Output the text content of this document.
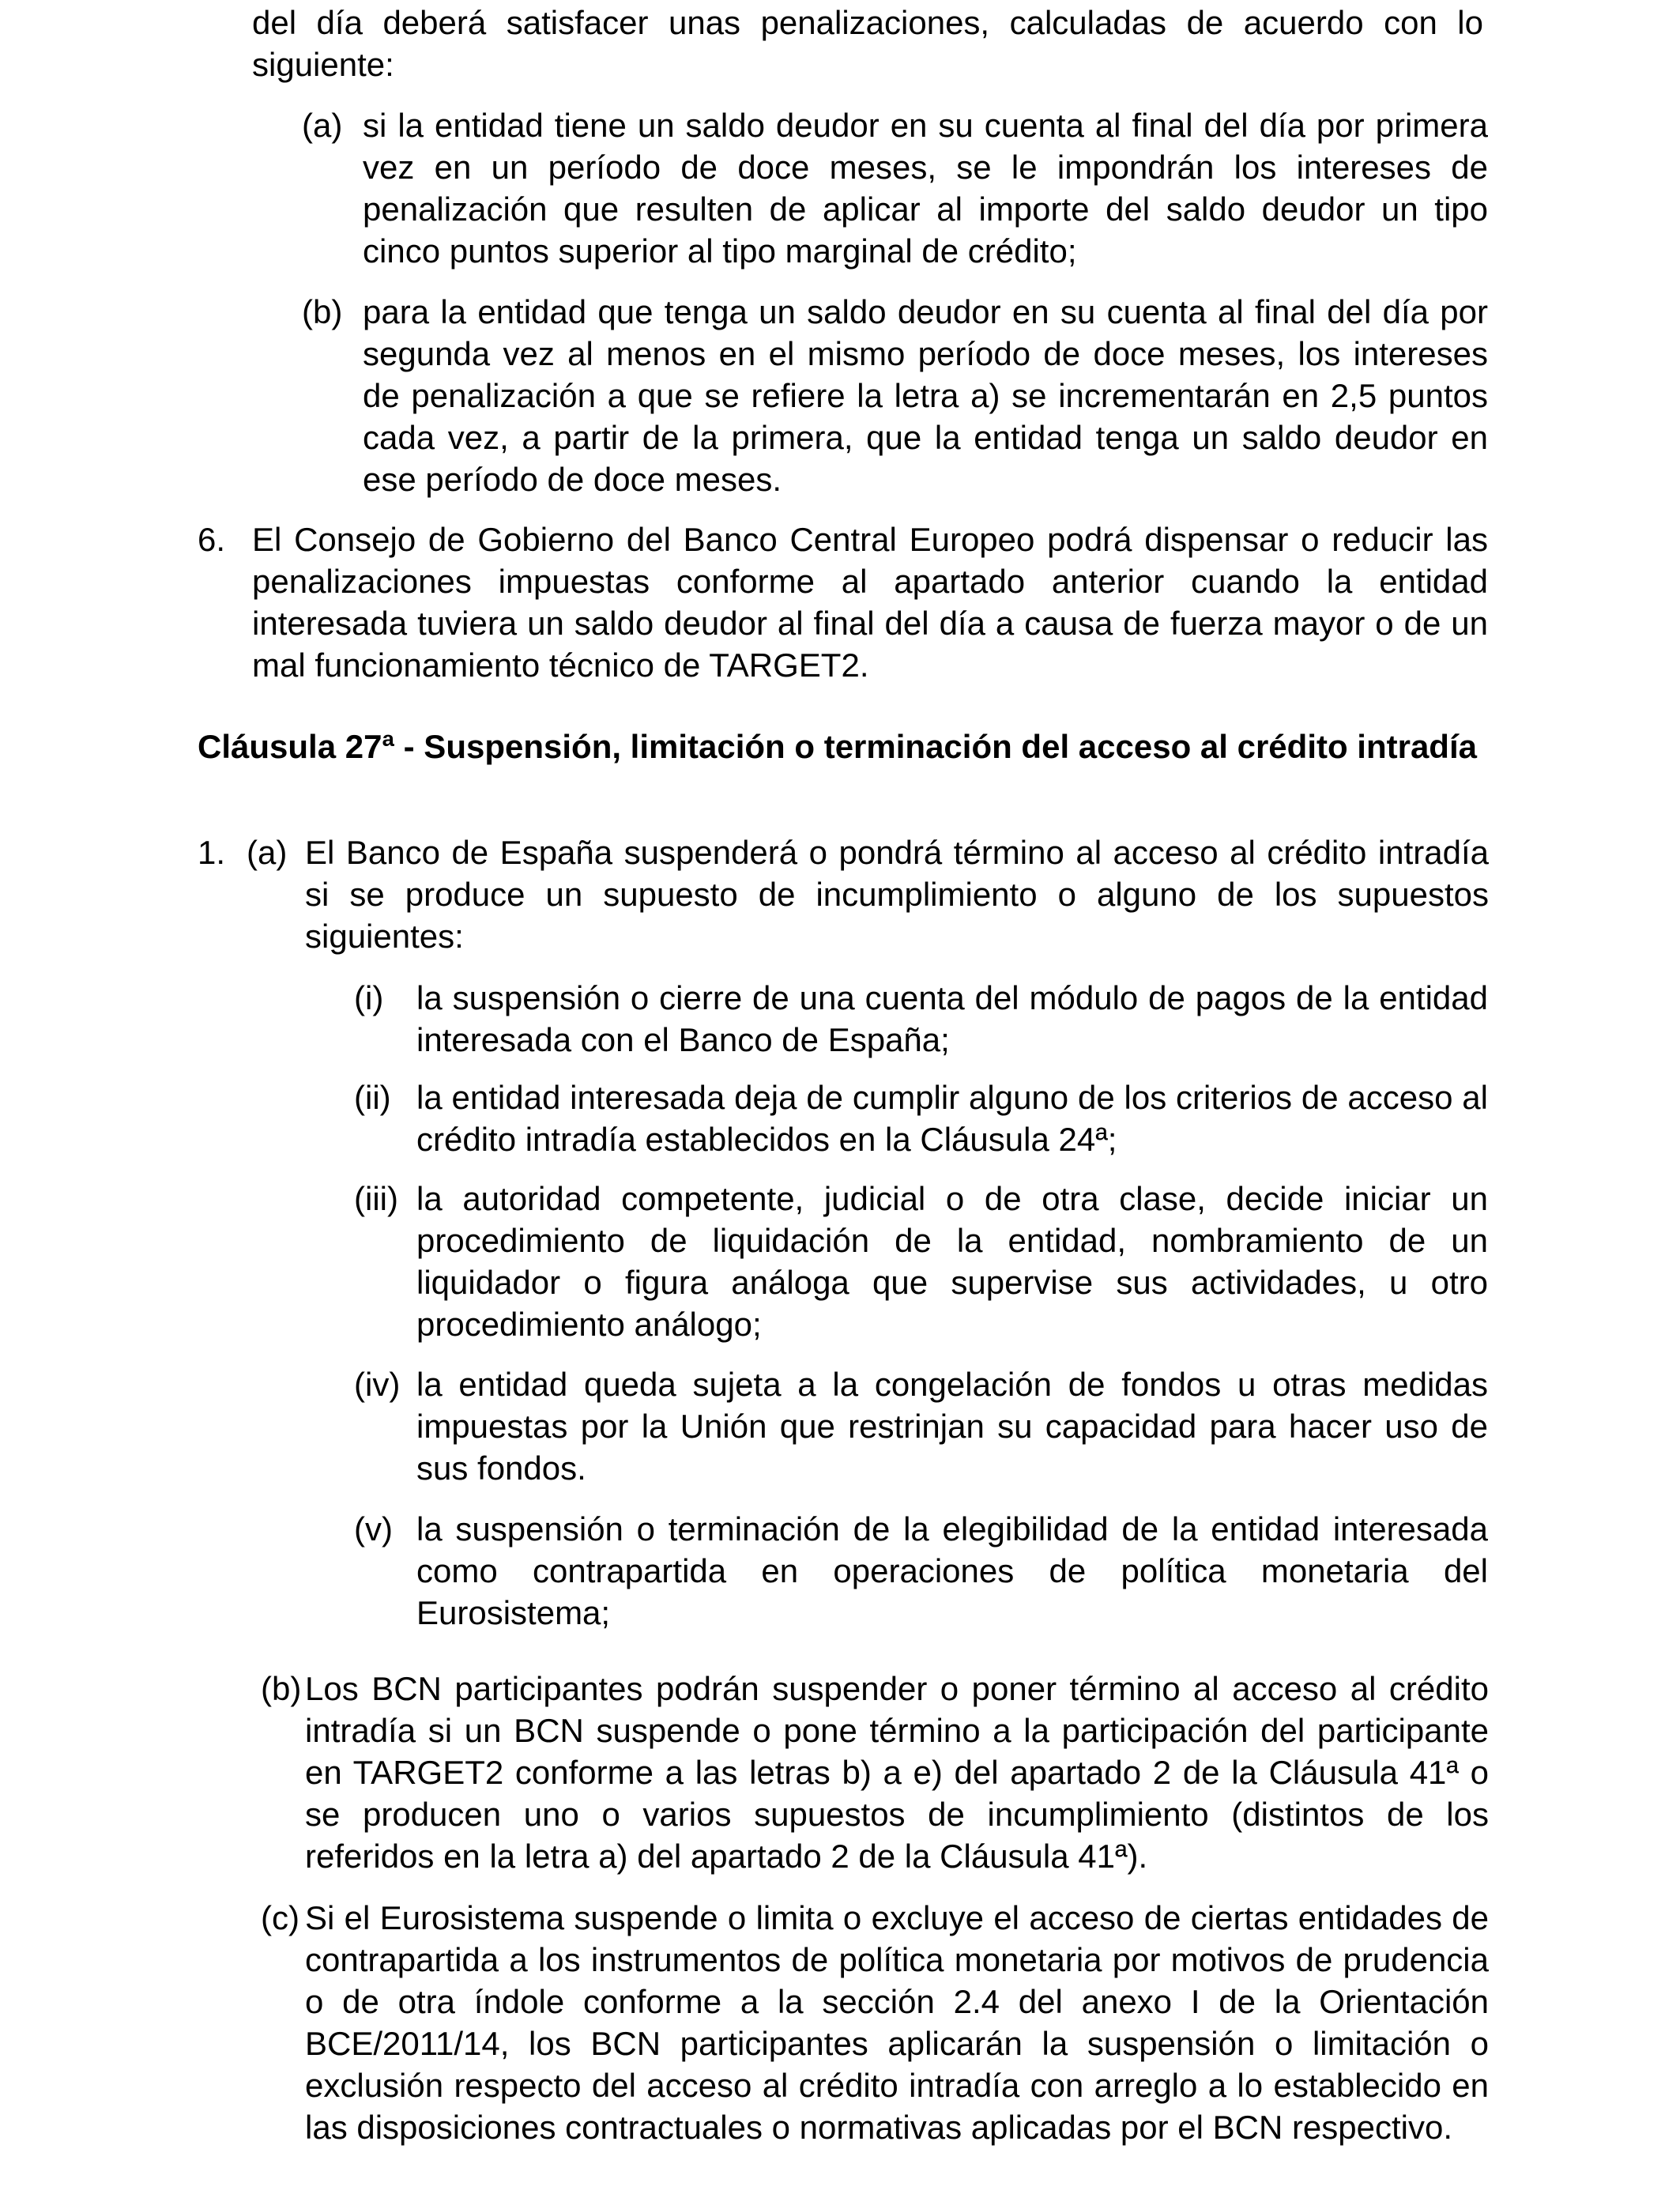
del día deberá satisfacer unas penalizaciones, calculadas de acuerdo con lo siguiente:
(a) si la entidad tiene un saldo deudor en su cuenta al final del día por primera vez en un período de doce meses, se le impondrán los intereses de penalización que resulten de aplicar al importe del saldo deudor un tipo cinco puntos superior al tipo marginal de crédito;
(b) para la entidad que tenga un saldo deudor en su cuenta al final del día por segunda vez al menos en el mismo período de doce meses, los intereses de penalización a que se refiere la letra a) se incrementarán en 2,5 puntos cada vez, a partir de la primera, que la entidad tenga un saldo deudor en ese período de doce meses.
6. El Consejo de Gobierno del Banco Central Europeo podrá dispensar o reducir las penalizaciones impuestas conforme al apartado anterior cuando la entidad interesada tuviera un saldo deudor al final del día a causa de fuerza mayor o de un mal funcionamiento técnico de TARGET2.
Cláusula 27ª - Suspensión, limitación o terminación del acceso al crédito intradía
1. (a) El Banco de España suspenderá o pondrá término al acceso al crédito intradía si se produce un supuesto de incumplimiento o alguno de los supuestos siguientes:
(i) la suspensión o cierre de una cuenta del módulo de pagos de la entidad interesada con el Banco de España;
(ii) la entidad interesada deja de cumplir alguno de los criterios de acceso al crédito intradía establecidos en la Cláusula 24ª;
(iii) la autoridad competente, judicial o de otra clase, decide iniciar un procedimiento de liquidación de la entidad, nombramiento de un liquidador o figura análoga que supervise sus actividades, u otro procedimiento análogo;
(iv) la entidad queda sujeta a la congelación de fondos u otras medidas impuestas por la Unión que restrinjan su capacidad para hacer uso de sus fondos.
(v) la suspensión o terminación de la elegibilidad de la entidad interesada como contrapartida en operaciones de política monetaria del Eurosistema;
(b) Los BCN participantes podrán suspender o poner término al acceso al crédito intradía si un BCN suspende o pone término a la participación del participante en TARGET2 conforme a las letras b) a e) del apartado 2 de la Cláusula 41ª o se producen uno o varios supuestos de incumplimiento (distintos de los referidos en la letra a) del apartado 2 de la Cláusula 41ª).
(c) Si el Eurosistema suspende o limita o excluye el acceso de ciertas entidades de contrapartida a los instrumentos de política monetaria por motivos de prudencia o de otra índole conforme a la sección 2.4 del anexo I de la Orientación BCE/2011/14, los BCN participantes aplicarán la suspensión o limitación o exclusión respecto del acceso al crédito intradía con arreglo a lo establecido en las disposiciones contractuales o normativas aplicadas por el BCN respectivo.
